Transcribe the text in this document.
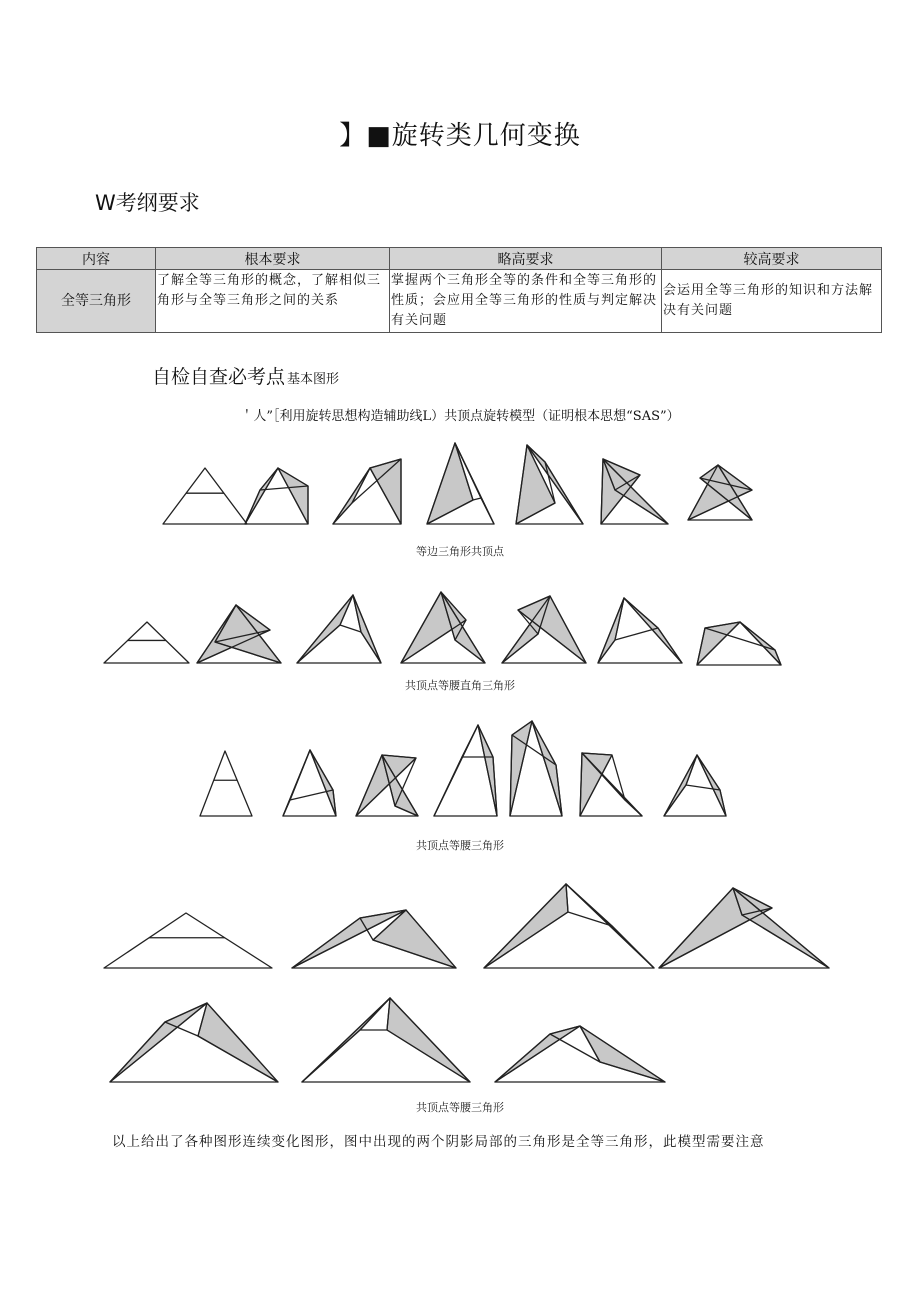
】■旋转类几何变换
W考纲要求
内容	根本要求	略高要求	较高要求
全等三角形	了解全等三角形的概念，了解相似三角形与全等三角形之间的关系	掌握两个三角形全等的条件和全等三角形的性质；会应用全等三角形的性质与判定解决有关问题	会运用全等三角形的知识和方法解决有关问题
自检自查必考点 基本图形
＇人”［利用旋转思想构造辅助线L）共顶点旋转模型（证明根本思想“SAS”）
等边三角形共顶点
共顶点等腰直角三角形
共顶点等腰三角形
共顶点等腰三角形
以上给出了各种图形连续变化图形，图中出现的两个阴影局部的三角形是全等三角形，此模型需要注意
